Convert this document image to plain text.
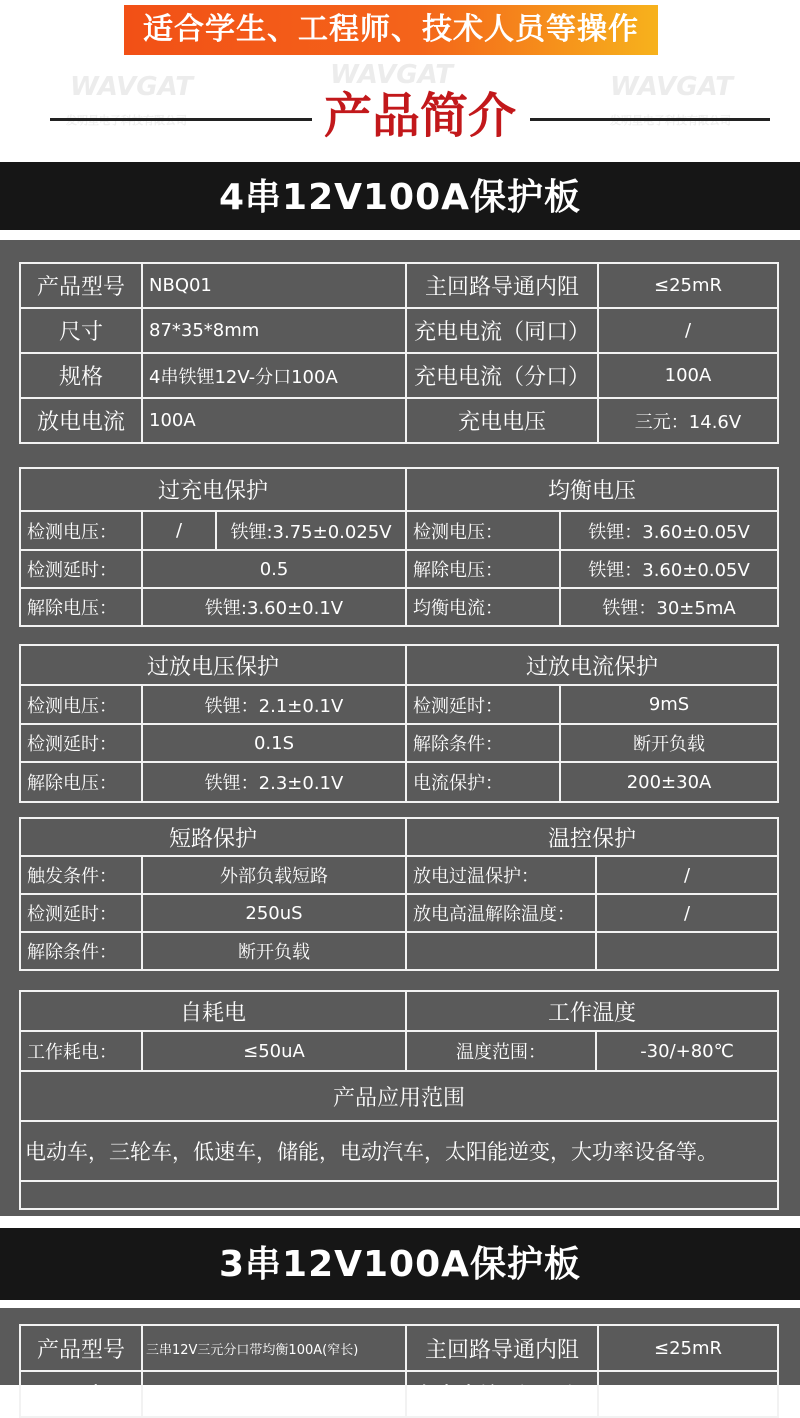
适合学生、工程师、技术人员等操作
WAVGAT	WAVGAT	WAVGAT
产品简介
4串12V100A保护板
产品型号	NBQ01	主回路导通内阻	≤25mR
尺寸	87*35*8mm	充电电流（同口）	/
规格	4串铁锂12V-分口100A	充电电流（分口）	100A
放电电流	100A	充电电压	三元：14.6V
过充电保护			均衡电压	
检测电压：	/	铁锂:3.75±0.025V	检测电压：	铁锂：3.60±0.05V
检测延时：	0.5		解除电压：	铁锂：3.60±0.05V
解除电压：	铁锂:3.60±0.1V		均衡电流：	铁锂：30±5mA
过放电压保护		过放电流保护	
检测电压：	铁锂：2.1±0.1V	检测延时：	9mS
检测延时：	0.1S	解除条件：	断开负载
解除电压：	铁锂：2.3±0.1V	电流保护：	200±30A
短路保护		温控保护	
触发条件：	外部负载短路	放电过温保护：	/
检测延时：	250uS	放电高温解除温度：	/
解除条件：	断开负载		
自耗电		工作温度	
工作耗电：	≤50uA	温度范围：	-30/+80℃
产品应用范围			
电动车，三轮车，低速车，储能，电动汽车，太阳能逆变，大功率设备等。			

3串12V100A保护板
产品型号	三串12V三元分口带均衡100A(窄长)	主回路导通内阻	≤25mR
尺寸		充电电流（同口）	/
